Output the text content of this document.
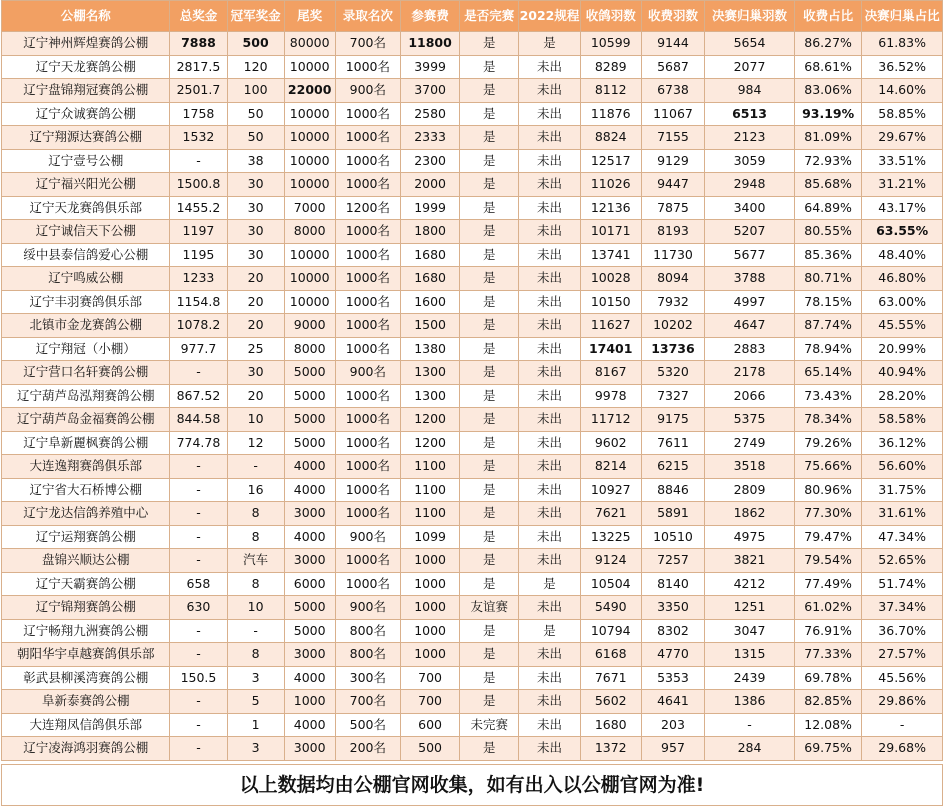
公棚名称	总奖金	冠军奖金	尾奖	录取名次	参赛费	是否完赛	2022规程	收鸽羽数	收费羽数	决赛归巢羽数	收费占比	决赛归巢占比
辽宁神州辉煌赛鸽公棚	7888	500	80000	700名	11800	是	是	10599	9144	5654	86.27%	61.83%
辽宁天龙赛鸽公棚	2817.5	120	10000	1000名	3999	是	未出	8289	5687	2077	68.61%	36.52%
辽宁盘锦翔冠赛鸽公棚	2501.7	100	22000	900名	3700	是	未出	8112	6738	984	83.06%	14.60%
辽宁众诚赛鸽公棚	1758	50	10000	1000名	2580	是	未出	11876	11067	6513	93.19%	58.85%
辽宁翔源达赛鸽公棚	1532	50	10000	1000名	2333	是	未出	8824	7155	2123	81.09%	29.67%
辽宁壹号公棚	-	38	10000	1000名	2300	是	未出	12517	9129	3059	72.93%	33.51%
辽宁福兴阳光公棚	1500.8	30	10000	1000名	2000	是	未出	11026	9447	2948	85.68%	31.21%
辽宁天龙赛鸽俱乐部	1455.2	30	7000	1200名	1999	是	未出	12136	7875	3400	64.89%	43.17%
辽宁诚信天下公棚	1197	30	8000	1000名	1800	是	未出	10171	8193	5207	80.55%	63.55%
绥中县泰信鸽爱心公棚	1195	30	10000	1000名	1680	是	未出	13741	11730	5677	85.36%	48.40%
辽宁鸣威公棚	1233	20	10000	1000名	1680	是	未出	10028	8094	3788	80.71%	46.80%
辽宁丰羽赛鸽俱乐部	1154.8	20	10000	1000名	1600	是	未出	10150	7932	4997	78.15%	63.00%
北镇市金龙赛鸽公棚	1078.2	20	9000	1000名	1500	是	未出	11627	10202	4647	87.74%	45.55%
辽宁翔冠（小棚）	977.7	25	8000	1000名	1380	是	未出	17401	13736	2883	78.94%	20.99%
辽宁营口名轩赛鸽公棚	-	30	5000	900名	1300	是	未出	8167	5320	2178	65.14%	40.94%
辽宁葫芦岛泓翔赛鸽公棚	867.52	20	5000	1000名	1300	是	未出	9978	7327	2066	73.43%	28.20%
辽宁葫芦岛金福赛鸽公棚	844.58	10	5000	1000名	1200	是	未出	11712	9175	5375	78.34%	58.58%
辽宁阜新麗枫赛鸽公棚	774.78	12	5000	1000名	1200	是	未出	9602	7611	2749	79.26%	36.12%
大连逸翔赛鸽俱乐部	-	-	4000	1000名	1100	是	未出	8214	6215	3518	75.66%	56.60%
辽宁省大石桥博公棚	-	16	4000	1000名	1100	是	未出	10927	8846	2809	80.96%	31.75%
辽宁龙达信鸽养殖中心	-	8	3000	1000名	1100	是	未出	7621	5891	1862	77.30%	31.61%
辽宁运翔赛鸽公棚	-	8	4000	900名	1099	是	未出	13225	10510	4975	79.47%	47.34%
盘锦兴顺达公棚	-	汽车	3000	1000名	1000	是	未出	9124	7257	3821	79.54%	52.65%
辽宁天霸赛鸽公棚	658	8	6000	1000名	1000	是	是	10504	8140	4212	77.49%	51.74%
辽宁锦翔赛鸽公棚	630	10	5000	900名	1000	友谊赛	未出	5490	3350	1251	61.02%	37.34%
辽宁畅翔九洲赛鸽公棚	-	-	5000	800名	1000	是	是	10794	8302	3047	76.91%	36.70%
朝阳华宇卓越赛鸽俱乐部	-	8	3000	800名	1000	是	未出	6168	4770	1315	77.33%	27.57%
彰武县柳溪湾赛鸽公棚	150.5	3	4000	300名	700	是	未出	7671	5353	2439	69.78%	45.56%
阜新泰赛鸽公棚	-	5	1000	700名	700	是	未出	5602	4641	1386	82.85%	29.86%
大连翔凤信鸽俱乐部	-	1	4000	500名	600	未完赛	未出	1680	203	-	12.08%	-
辽宁凌海鸿羽赛鸽公棚	-	3	3000	200名	500	是	未出	1372	957	284	69.75%	29.68%
以上数据均由公棚官网收集，如有出入以公棚官网为准!
